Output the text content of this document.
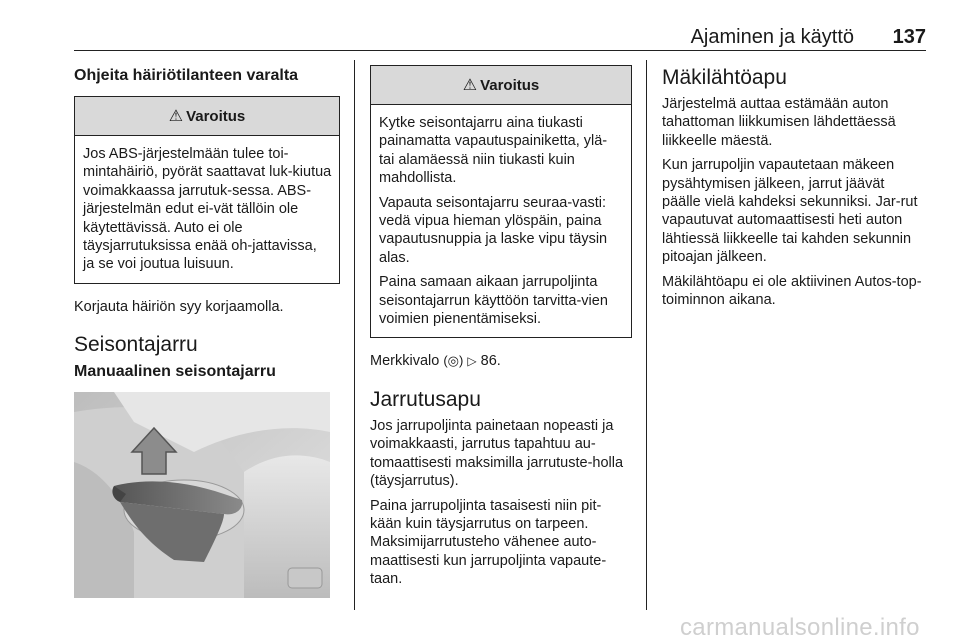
Ajaminen ja käyttö 137
Ohjeita häiriötilanteen varalta
⚠ Varoitus

Jos ABS-järjestelmään tulee toi-mintahäiriö, pyörät saattavat luk-kiutua voimakkaassa jarrutuk-sessa. ABS-järjestelmän edut ei-vät tällöin ole käytettävissä. Auto ei ole täysjarrutuksissa enää oh-jattavissa, ja se voi joutua luisuun.

Korjauta häiriön syy korjaamolla.

Seisontajarru
Manuaalinen seisontajarru
⚠ Varoitus

Kytke seisontajarru aina tiukasti painamatta vapautuspainiketta, ylä- tai alamäessä niin tiukasti kuin mahdollista.

Vapauta seisontajarru seuraa-vasti: vedä vipua hieman ylöspäin, paina vapautusnuppia ja laske vipu täysin alas.

Paina samaan aikaan jarrupoljinta seisontajarrun käyttöön tarvitta-vien voimien pienentämiseksi.

Merkkivalo (◎) ▷ 86.

Jarrutusapu

Jos jarrupoljinta painetaan nopeasti ja voimakkaasti, jarrutus tapahtuu au-tomaattisesti maksimilla jarrutuste-holla (täysjarrutus).

Paina jarrupoljinta tasaisesti niin pit-kään kuin täysjarrutus on tarpeen. Maksimijarrutusteho vähenee auto-maattisesti kun jarrupoljinta vapaute-taan.

Mäkilähtöapu

Järjestelmä auttaa estämään auton tahattoman liikkumisen lähdettäessä liikkeelle mäestä.

Kun jarrupoljin vapautetaan mäkeen pysähtymisen jälkeen, jarrut jäävät päälle vielä kahdeksi sekunniksi. Jar-rut vapautuvat automaattisesti heti auton lähtiessä liikkeelle tai kahden sekunnin pitoajan jälkeen.

Mäkilähtöapu ei ole aktiivinen Autos-top-toiminnon aikana.

carmanualsonline.info
